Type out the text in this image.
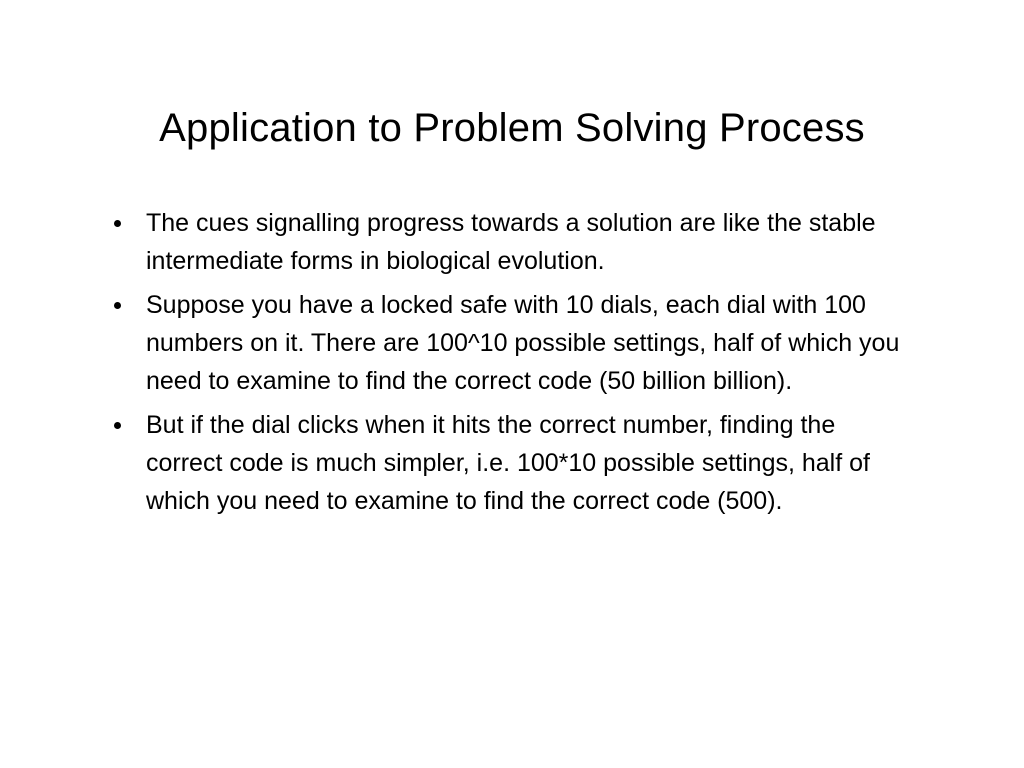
Application to Problem Solving Process
The cues signalling progress towards a solution are like the stable intermediate forms in biological evolution.
Suppose you have a locked safe with 10 dials, each dial with 100 numbers on it. There are 100^10 possible settings, half of which you need to examine to find the correct code (50 billion billion).
But if the dial clicks when it hits the correct number, finding the correct code is much simpler, i.e. 100*10 possible settings, half of which you need to examine to find the correct code (500).
